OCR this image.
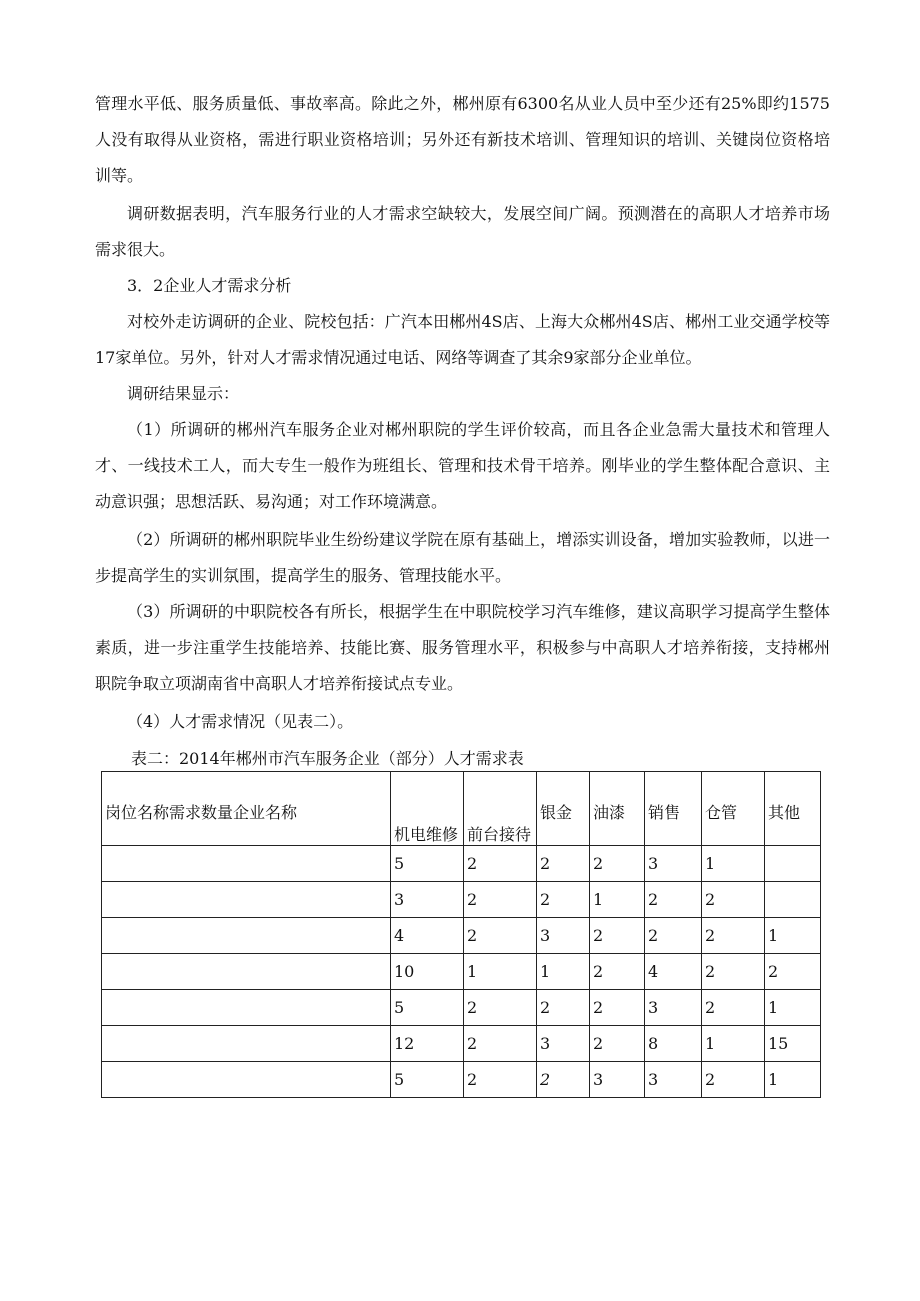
管理水平低、服务质量低、事故率高。除此之外，郴州原有6300名从业人员中至少还有25%即约1575人没有取得从业资格，需进行职业资格培训；另外还有新技术培训、管理知识的培训、关键岗位资格培训等。

调研数据表明，汽车服务行业的人才需求空缺较大，发展空间广阔。预测潜在的高职人才培养市场需求很大。

3．2企业人才需求分析

对校外走访调研的企业、院校包括：广汽本田郴州4S店、上海大众郴州4S店、郴州工业交通学校等17家单位。另外，针对人才需求情况通过电话、网络等调查了其余9家部分企业单位。

调研结果显示：

（1）所调研的郴州汽车服务企业对郴州职院的学生评价较高，而且各企业急需大量技术和管理人才、一线技术工人，而大专生一般作为班组长、管理和技术骨干培养。刚毕业的学生整体配合意识、主动意识强；思想活跃、易沟通；对工作环境满意。

（2）所调研的郴州职院毕业生纷纷建议学院在原有基础上，增添实训设备，增加实验教师，以进一步提高学生的实训氛围，提高学生的服务、管理技能水平。

（3）所调研的中职院校各有所长，根据学生在中职院校学习汽车维修，建议高职学习提高学生整体素质，进一步注重学生技能培养、技能比赛、服务管理水平，积极参与中高职人才培养衔接，支持郴州职院争取立项湖南省中高职人才培养衔接试点专业。

（4）人才需求情况（见表二）。

表二：2014年郴州市汽车服务企业（部分）人才需求表

岗位名称需求数量企业名称	机电维修	前台接待	银金	油漆	销售	仓管	其他
	5	2	2	2	3	1	
	3	2	2	1	2	2	
	4	2	3	2	2	2	1
	10	1	1	2	4	2	2
	5	2	2	2	3	2	1
	12	2	3	2	8	1	15
	5	2	2	3	3	2	1
